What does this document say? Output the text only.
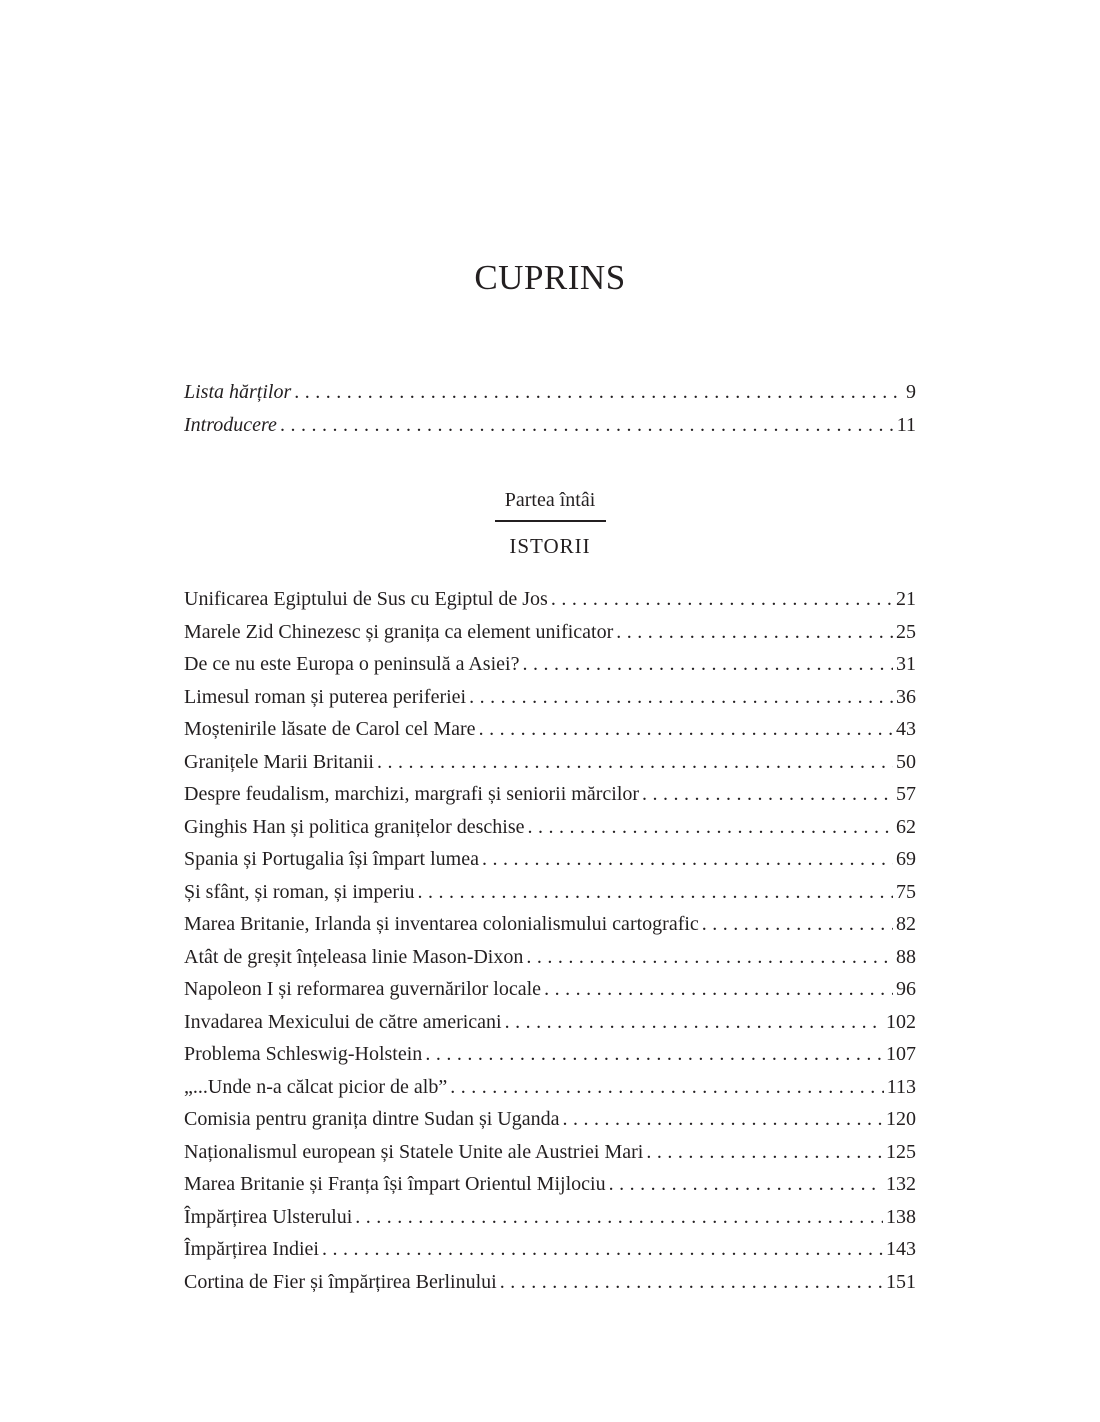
CUPRINS
Lista hărților . . .	9
Introducere . . .	11
Partea întâi
ISTORII
Unificarea Egiptului de Sus cu Egiptul de Jos . . .	21
Marele Zid Chinezesc și granița ca element unificator . . .	25
De ce nu este Europa o peninsulă a Asiei? . . .	31
Limesul roman și puterea periferiei . . .	36
Moștenirile lăsate de Carol cel Mare . . .	43
Granițele Marii Britanii . . .	50
Despre feudalism, marchizi, margrafi și seniorii mărcilor . . .	57
Ginghis Han și politica granițelor deschise . . .	62
Spania și Portugalia își împart lumea . . .	69
Și sfânt, și roman, și imperiu . . .	75
Marea Britanie, Irlanda și inventarea colonialismului cartografic . . .	82
Atât de greșit înțeleasa linie Mason-Dixon . . .	88
Napoleon I și reformarea guvernărilor locale . . .	96
Invadarea Mexicului de către americani . . .	102
Problema Schleswig-Holstein . . .	107
„...Unde n-a călcat picior de alb” . . .	113
Comisia pentru granița dintre Sudan și Uganda . . .	120
Naționalismul european și Statele Unite ale Austriei Mari . . .	125
Marea Britanie și Franța își împart Orientul Mijlociu . . .	132
Împărțirea Ulsterului . . .	138
Împărțirea Indiei . . .	143
Cortina de Fier și împărțirea Berlinului . . .	151
